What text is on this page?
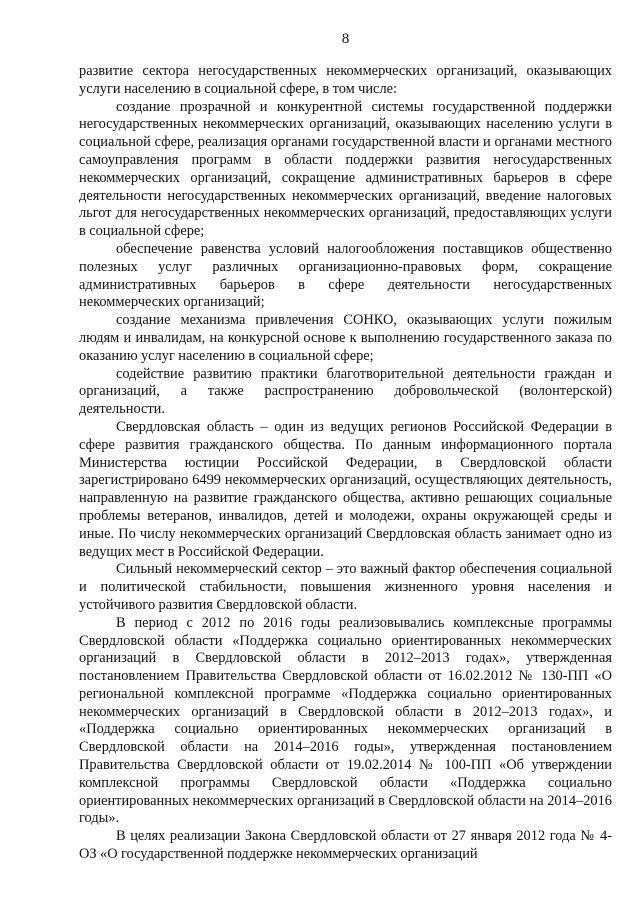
8

развитие сектора негосударственных некоммерческих организаций, оказывающих услуги населению в социальной сфере, в том числе:

создание прозрачной и конкурентной системы государственной поддержки негосударственных некоммерческих организаций, оказывающих населению услуги в социальной сфере, реализация органами государственной власти и органами местного самоуправления программ в области поддержки развития негосударственных некоммерческих организаций, сокращение административных барьеров в сфере деятельности негосударственных некоммерческих организаций, введение налоговых льгот для негосударственных некоммерческих организаций, предоставляющих услуги в социальной сфере;

обеспечение равенства условий налогообложения поставщиков общественно полезных услуг различных организационно-правовых форм, сокращение административных барьеров в сфере деятельности негосударственных некоммерческих организаций;

создание механизма привлечения СОНКО, оказывающих услуги пожилым людям и инвалидам, на конкурсной основе к выполнению государственного заказа по оказанию услуг населению в социальной сфере;

содействие развитию практики благотворительной деятельности граждан и организаций, а также распространению добровольческой (волонтерской) деятельности.

Свердловская область – один из ведущих регионов Российской Федерации в сфере развития гражданского общества. По данным информационного портала Министерства юстиции Российской Федерации, в Свердловской области зарегистрировано 6499 некоммерческих организаций, осуществляющих деятельность, направленную на развитие гражданского общества, активно решающих социальные проблемы ветеранов, инвалидов, детей и молодежи, охраны окружающей среды и иные. По числу некоммерческих организаций Свердловская область занимает одно из ведущих мест в Российской Федерации.

Сильный некоммерческий сектор – это важный фактор обеспечения социальной и политической стабильности, повышения жизненного уровня населения и устойчивого развития Свердловской области.

В период с 2012 по 2016 годы реализовывались комплексные программы Свердловской области «Поддержка социально ориентированных некоммерческих организаций в Свердловской области в 2012–2013 годах», утвержденная постановлением Правительства Свердловской области от 16.02.2012 № 130-ПП «О региональной комплексной программе «Поддержка социально ориентированных некоммерческих организаций в Свердловской области в 2012–2013 годах», и «Поддержка социально ориентированных некоммерческих организаций в Свердловской области на 2014–2016 годы», утвержденная постановлением Правительства Свердловской области от 19.02.2014 № 100-ПП «Об утверждении комплексной программы Свердловской области «Поддержка социально ориентированных некоммерческих организаций в Свердловской области на 2014–2016 годы».

В целях реализации Закона Свердловской области от 27 января 2012 года № 4-ОЗ «О государственной поддержке некоммерческих организаций
